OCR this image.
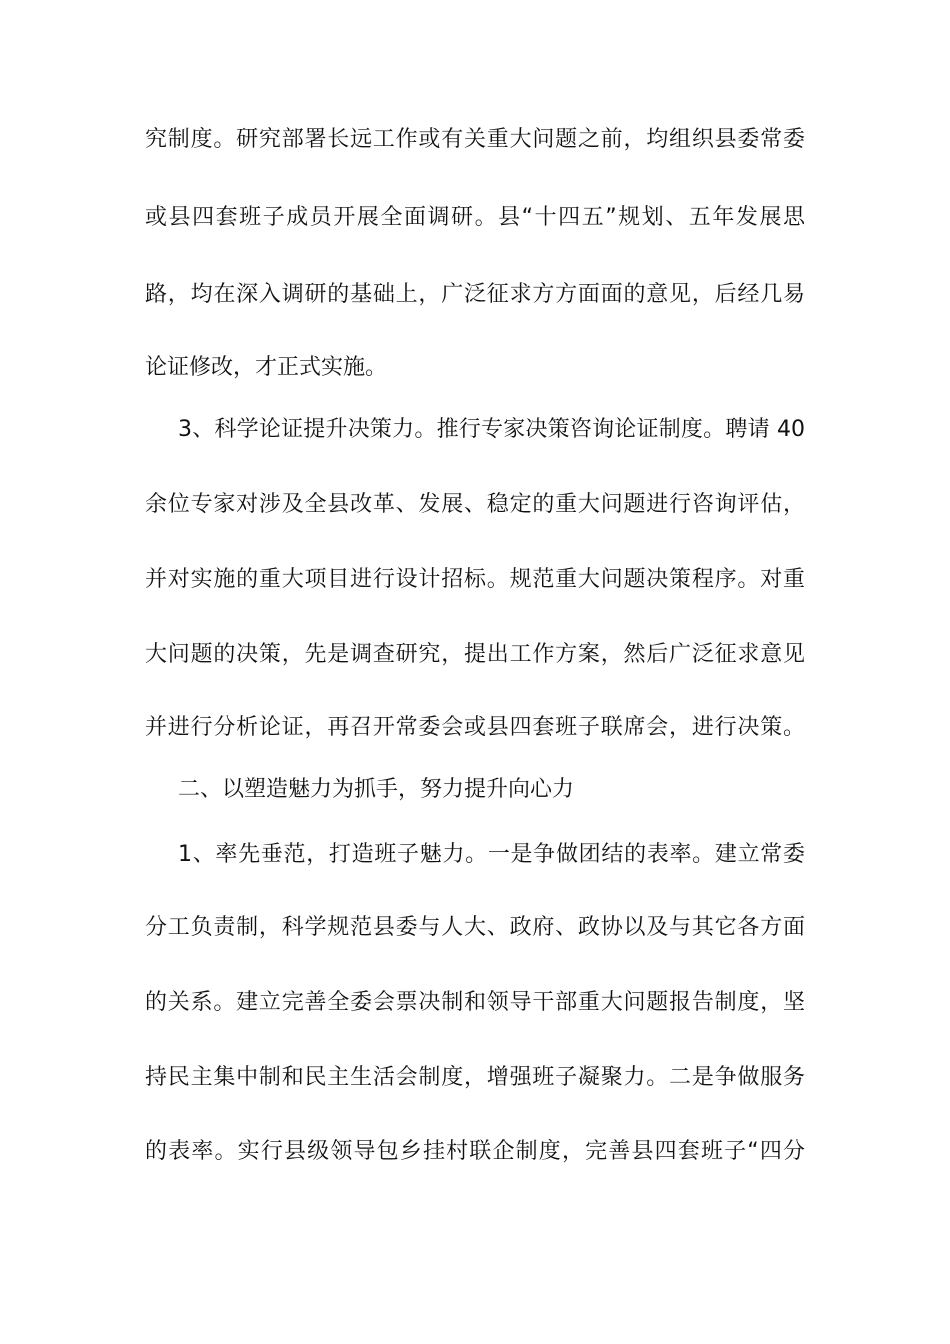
究制度。研究部署长远工作或有关重大问题之前，均组织县委常委
或县四套班子成员开展全面调研。县“十四五”规划、五年发展思
路，均在深入调研的基础上，广泛征求方方面面的意见，后经几易
论证修改，才正式实施。
3、科学论证提升决策力。推行专家决策咨询论证制度。聘请 40
余位专家对涉及全县改革、发展、稳定的重大问题进行咨询评估，
并对实施的重大项目进行设计招标。规范重大问题决策程序。对重
大问题的决策，先是调查研究，提出工作方案，然后广泛征求意见
并进行分析论证，再召开常委会或县四套班子联席会，进行决策。
二、以塑造魅力为抓手，努力提升向心力
1、率先垂范，打造班子魅力。一是争做团结的表率。建立常委
分工负责制，科学规范县委与人大、政府、政协以及与其它各方面
的关系。建立完善全委会票决制和领导干部重大问题报告制度，坚
持民主集中制和民主生活会制度，增强班子凝聚力。二是争做服务
的表率。实行县级领导包乡挂村联企制度，完善县四套班子“四分
